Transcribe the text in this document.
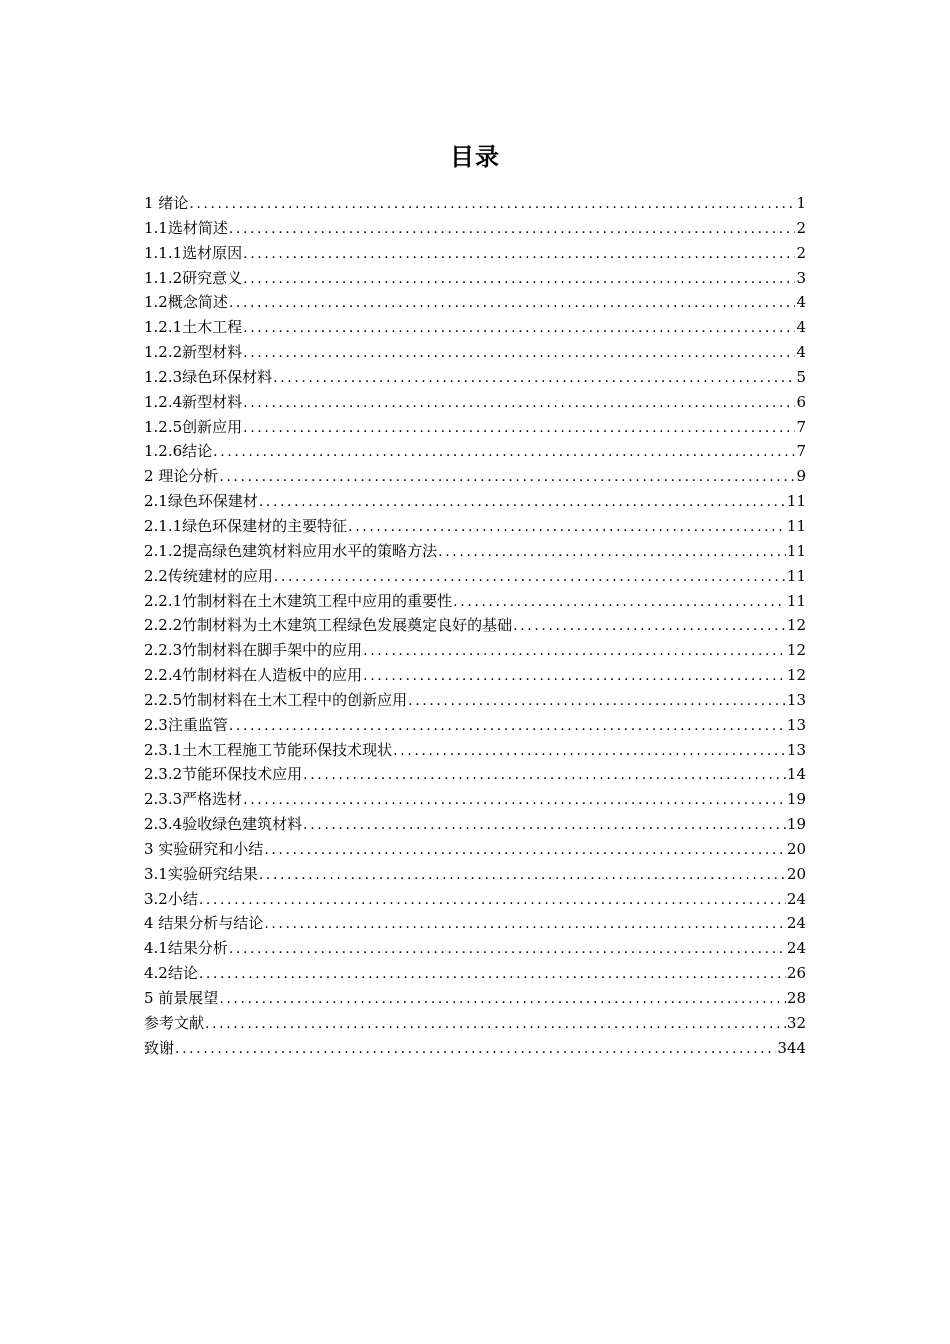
目录
1 绪论 .....	1
1.1选材简述 .....	2
1.1.1选材原因 .....	2
1.1.2研究意义 .....	3
1.2概念简述 .....	4
1.2.1土木工程 .....	4
1.2.2新型材料 .....	4
1.2.3绿色环保材料 .....	5
1.2.4新型材料 .....	6
1.2.5创新应用 .....	7
1.2.6结论 .....	7
2 理论分析 .....	9
2.1绿色环保建材 .....	11
2.1.1绿色环保建材的主要特征 .....	11
2.1.2提高绿色建筑材料应用水平的策略方法 .....	11
2.2传统建材的应用 .....	11
2.2.1竹制材料在土木建筑工程中应用的重要性 .....	11
2.2.2竹制材料为土木建筑工程绿色发展奠定良好的基础 .....	12
2.2.3竹制材料在脚手架中的应用 .....	12
2.2.4竹制材料在人造板中的应用 .....	12
2.2.5竹制材料在土木工程中的创新应用 .....	13
2.3注重监管 .....	13
2.3.1土木工程施工节能环保技术现状 .....	13
2.3.2节能环保技术应用 .....	14
2.3.3严格选材 .....	19
2.3.4验收绿色建筑材料 .....	19
3 实验研究和小结 .....	20
3.1实验研究结果 .....	20
3.2小结 .....	24
4 结果分析与结论 .....	24
4.1结果分析 .....	24
4.2结论 .....	26
5 前景展望 .....	28
参考文献 .....	32
致谢 .....	344
